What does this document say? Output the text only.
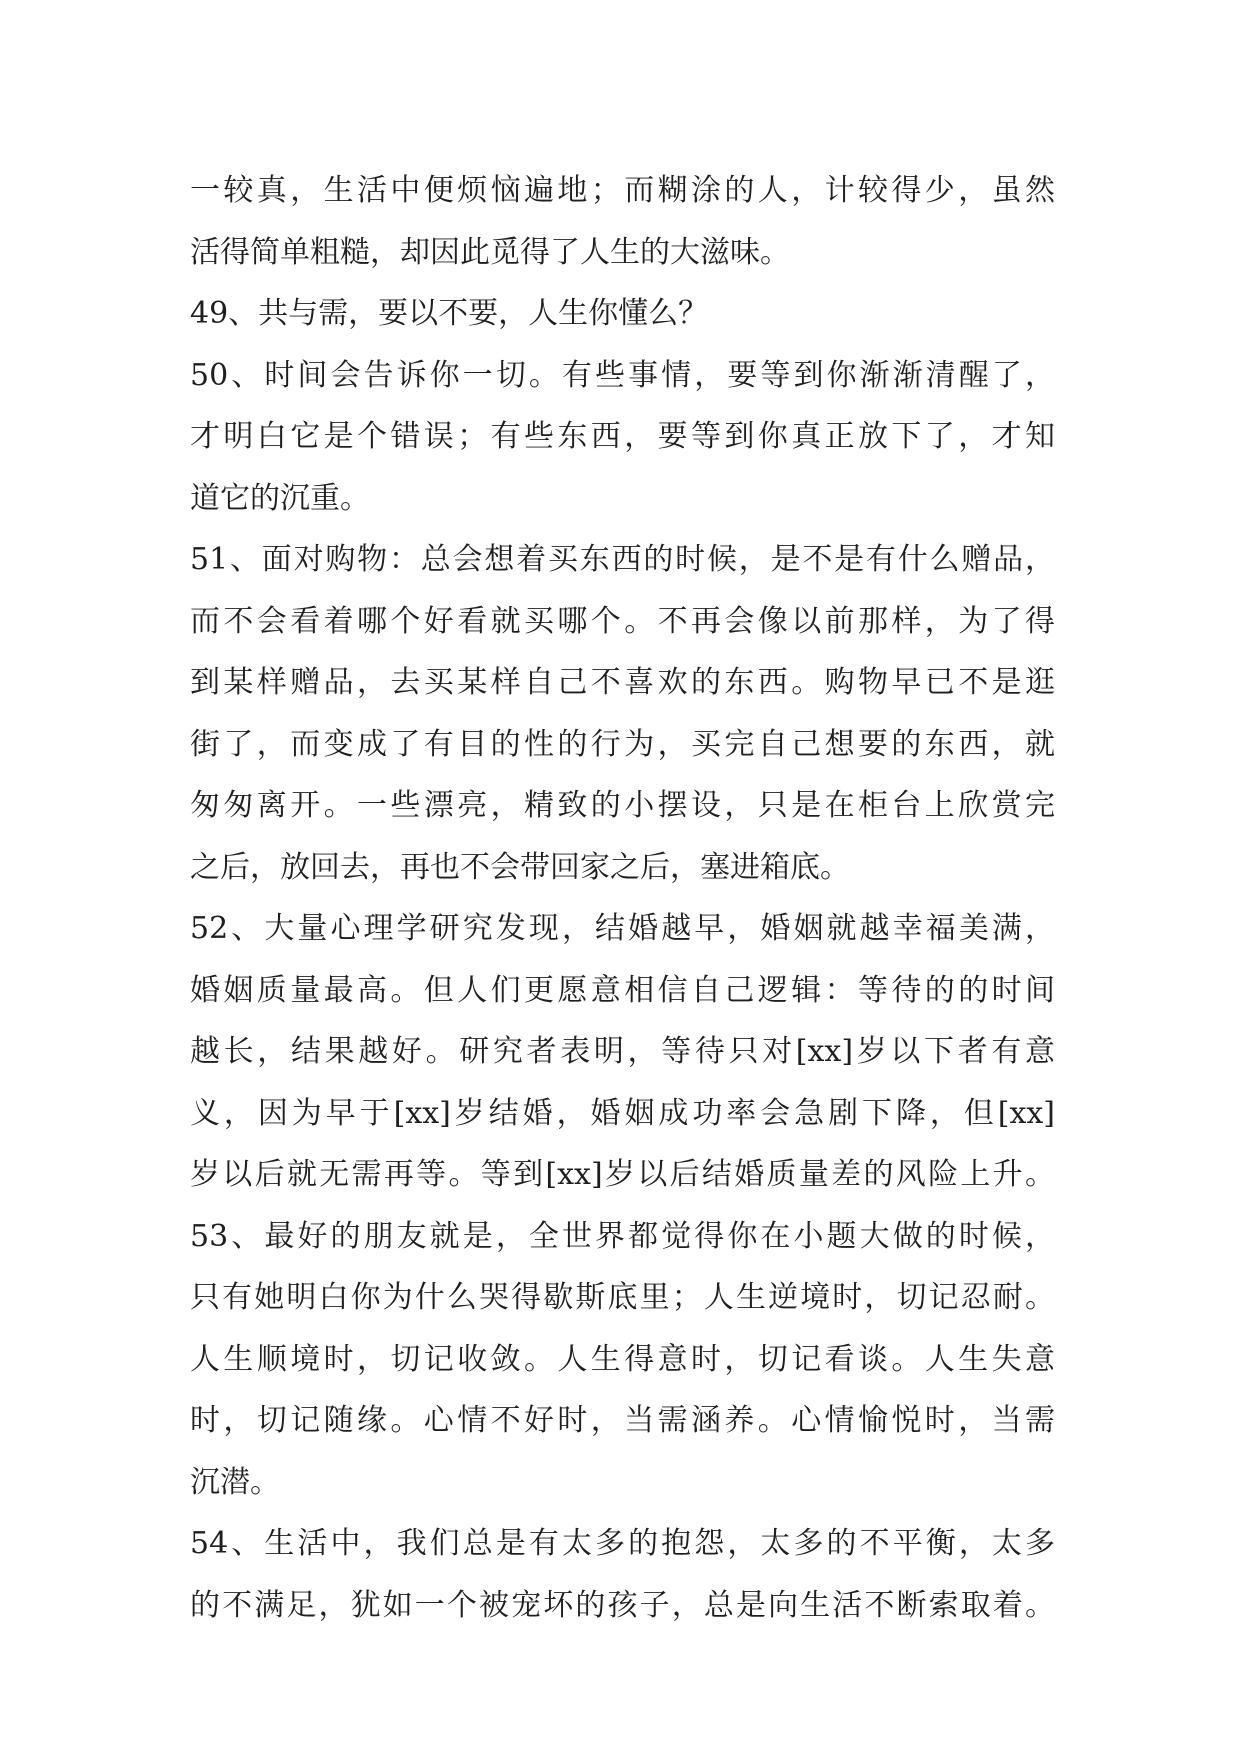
一较真，生活中便烦恼遍地；而糊涂的人，计较得少，虽然
活得简单粗糙，却因此觅得了人生的大滋味。
49、共与需，要以不要，人生你懂么？
50、时间会告诉你一切。有些事情，要等到你渐渐清醒了，
才明白它是个错误；有些东西，要等到你真正放下了，才知
道它的沉重。
51、面对购物：总会想着买东西的时候，是不是有什么赠品，
而不会看着哪个好看就买哪个。不再会像以前那样，为了得
到某样赠品，去买某样自己不喜欢的东西。购物早已不是逛
街了，而变成了有目的性的行为，买完自己想要的东西，就
匆匆离开。一些漂亮，精致的小摆设，只是在柜台上欣赏完
之后，放回去，再也不会带回家之后，塞进箱底。
52、大量心理学研究发现，结婚越早，婚姻就越幸福美满，
婚姻质量最高。但人们更愿意相信自己逻辑：等待的的时间
越长，结果越好。研究者表明，等待只对[xx]岁以下者有意
义，因为早于[xx]岁结婚，婚姻成功率会急剧下降，但[xx]
岁以后就无需再等。等到[xx]岁以后结婚质量差的风险上升。
53、最好的朋友就是，全世界都觉得你在小题大做的时候，
只有她明白你为什么哭得歇斯底里；人生逆境时，切记忍耐。
人生顺境时，切记收敛。人生得意时，切记看谈。人生失意
时，切记随缘。心情不好时，当需涵养。心情愉悦时，当需
沉潜。
54、生活中，我们总是有太多的抱怨，太多的不平衡，太多
的不满足，犹如一个被宠坏的孩子，总是向生活不断索取着。
